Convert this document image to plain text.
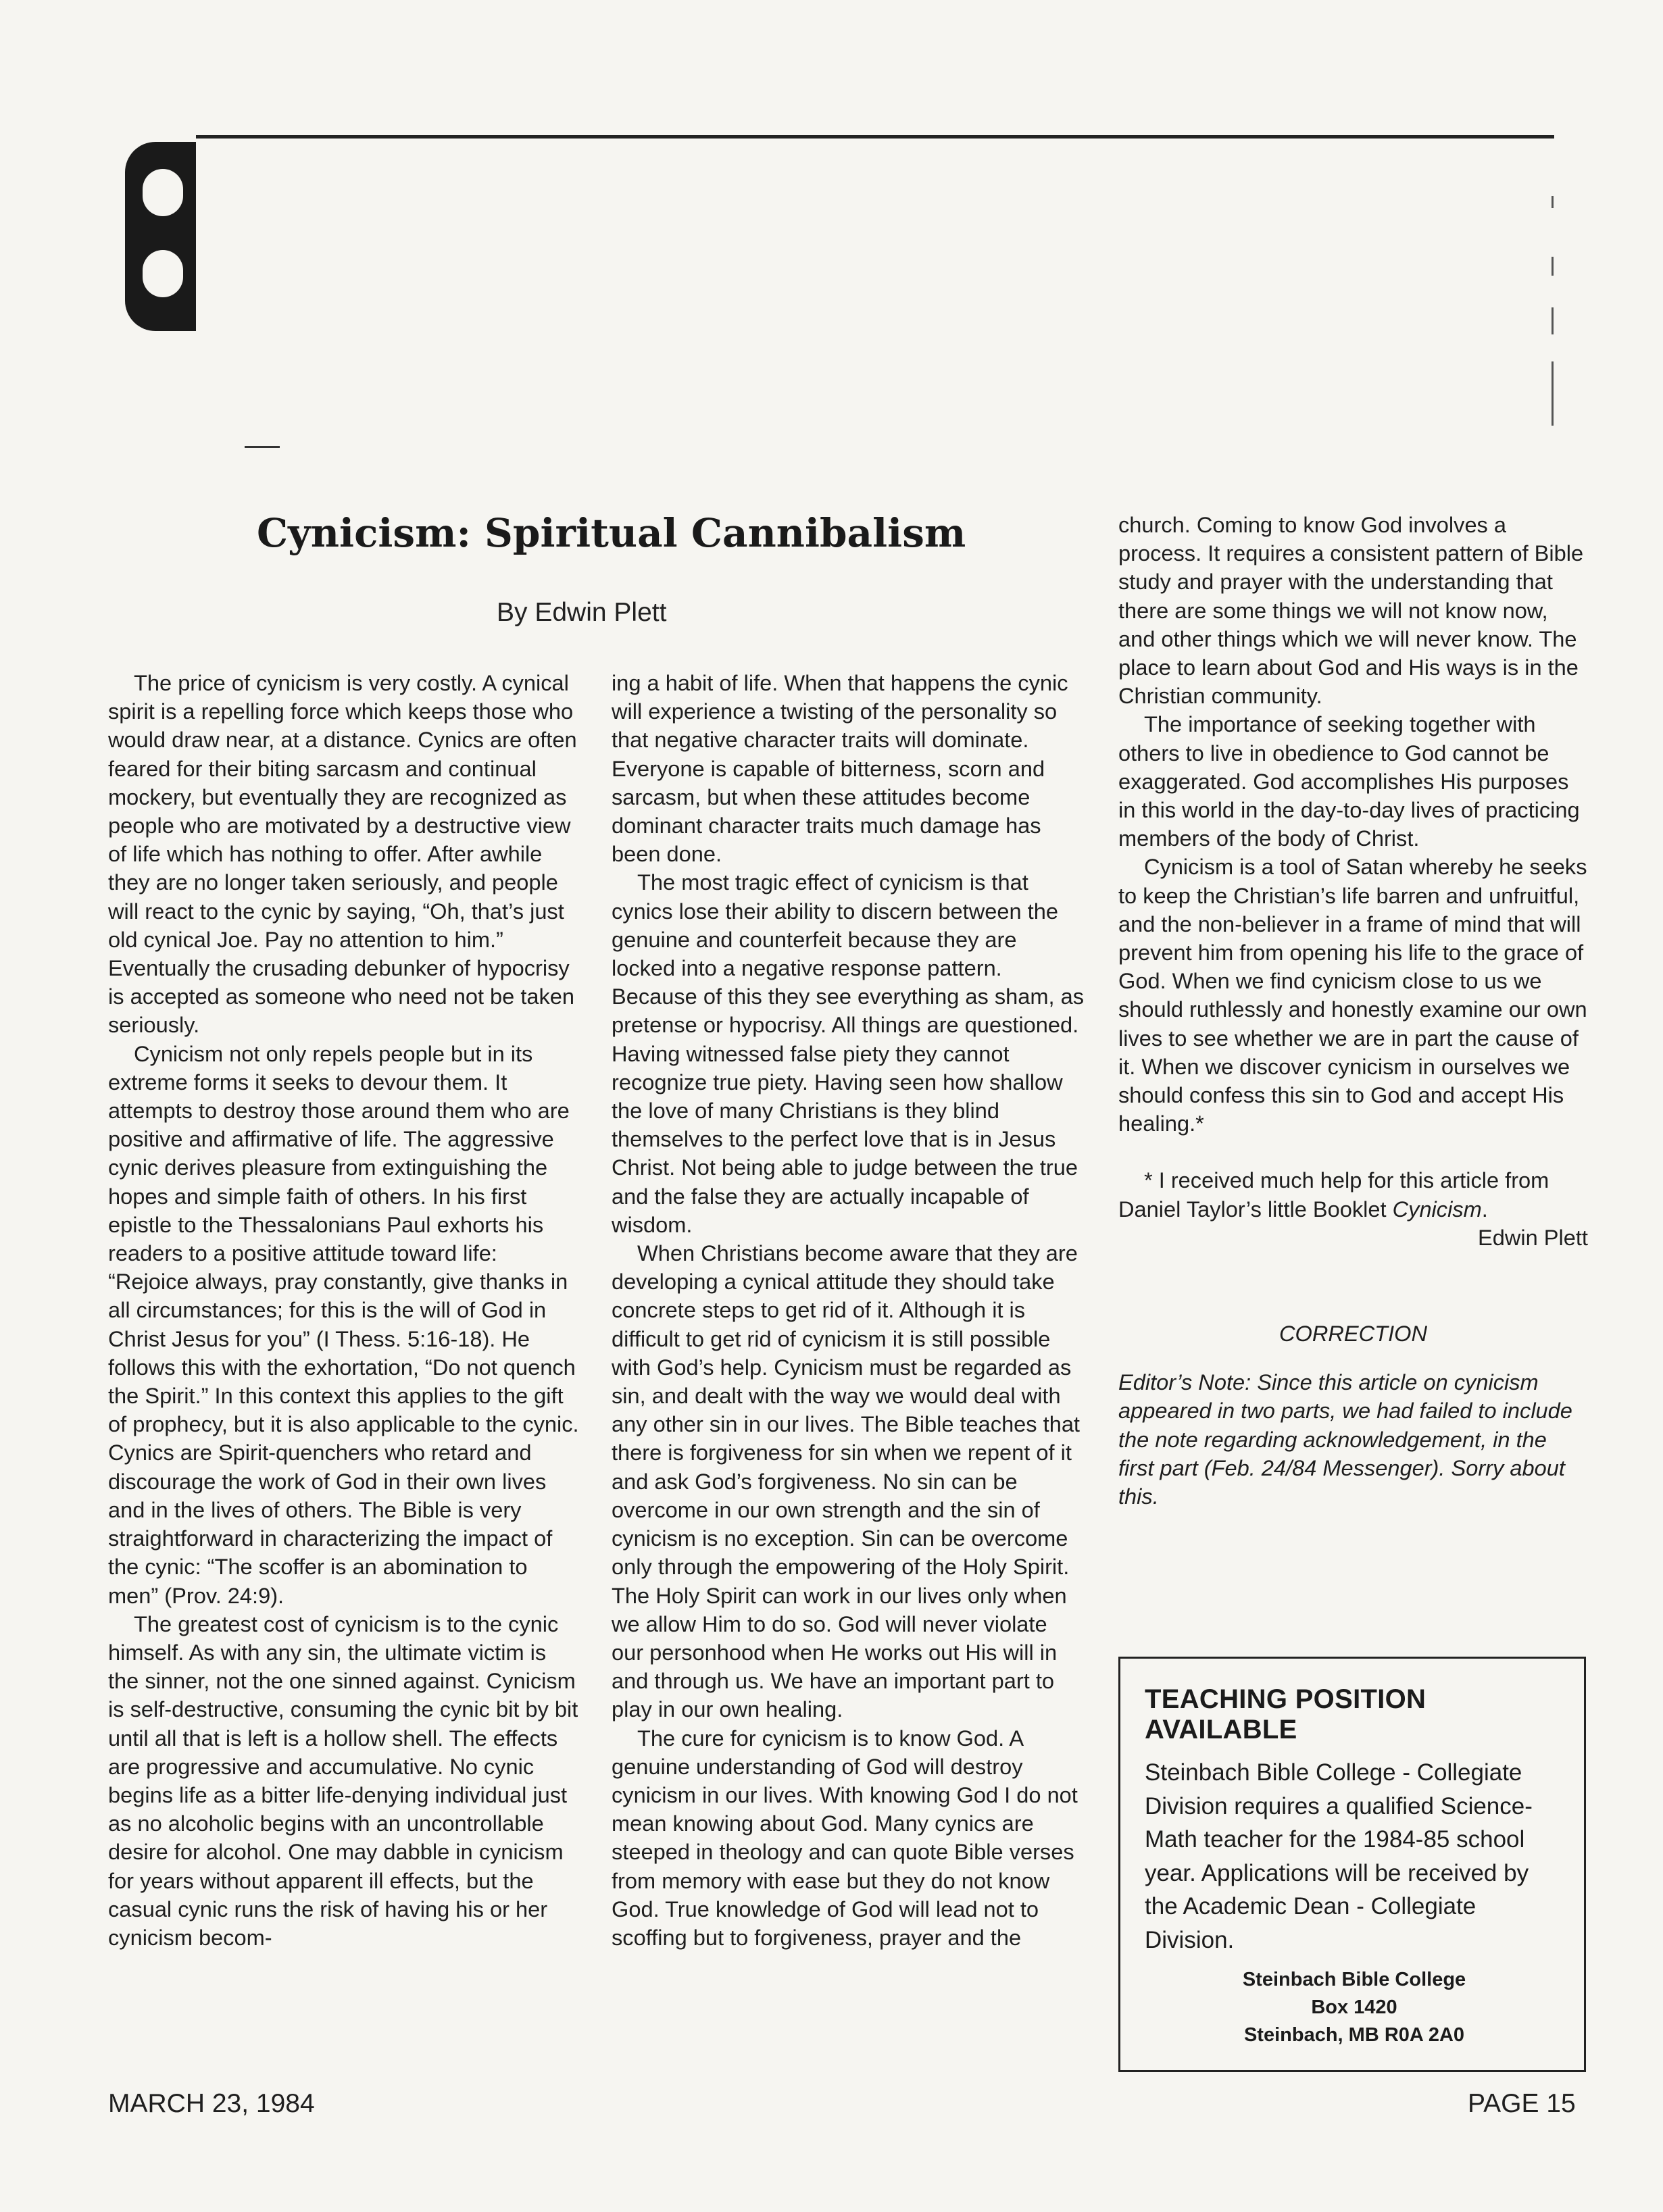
Cynicism: Spiritual Cannibalism

By Edwin Plett

The price of cynicism is very costly. A cynical spirit is a repelling force which keeps those who would draw near, at a distance. Cynics are often feared for their biting sarcasm and continual mockery, but eventually they are recognized as people who are motivated by a destructive view of life which has nothing to offer. After awhile they are no longer taken seriously, and people will react to the cynic by saying, “Oh, that’s just old cynical Joe. Pay no attention to him.” Eventually the crusading debunker of hypocrisy is accepted as someone who need not be taken seriously.

Cynicism not only repels people but in its extreme forms it seeks to devour them. It attempts to destroy those around them who are positive and affirmative of life. The aggressive cynic derives pleasure from extinguishing the hopes and simple faith of others. In his first epistle to the Thessalonians Paul exhorts his readers to a positive attitude toward life: “Rejoice always, pray constantly, give thanks in all circumstances; for this is the will of God in Christ Jesus for you” (I Thess. 5:16-18). He follows this with the exhortation, “Do not quench the Spirit.” In this context this applies to the gift of prophecy, but it is also applicable to the cynic. Cynics are Spirit-quenchers who retard and discourage the work of God in their own lives and in the lives of others. The Bible is very straightforward in characterizing the impact of the cynic: “The scoffer is an abomination to men” (Prov. 24:9).

The greatest cost of cynicism is to the cynic himself. As with any sin, the ultimate victim is the sinner, not the one sinned against. Cynicism is self-destructive, consuming the cynic bit by bit until all that is left is a hollow shell. The effects are progressive and accumulative. No cynic begins life as a bitter life-denying individual just as no alcoholic begins with an uncontrollable desire for alcohol. One may dabble in cynicism for years without apparent ill effects, but the casual cynic runs the risk of having his or her cynicism becom-

ing a habit of life. When that happens the cynic will experience a twisting of the personality so that negative character traits will dominate. Everyone is capable of bitterness, scorn and sarcasm, but when these attitudes become dominant character traits much damage has been done.

The most tragic effect of cynicism is that cynics lose their ability to discern between the genuine and counterfeit because they are locked into a negative response pattern. Because of this they see everything as sham, as pretense or hypocrisy. All things are questioned. Having witnessed false piety they cannot recognize true piety. Having seen how shallow the love of many Christians is they blind themselves to the perfect love that is in Jesus Christ. Not being able to judge between the true and the false they are actually incapable of wisdom.

When Christians become aware that they are developing a cynical attitude they should take concrete steps to get rid of it. Although it is difficult to get rid of cynicism it is still possible with God’s help. Cynicism must be regarded as sin, and dealt with the way we would deal with any other sin in our lives. The Bible teaches that there is forgiveness for sin when we repent of it and ask God’s forgiveness. No sin can be overcome in our own strength and the sin of cynicism is no exception. Sin can be overcome only through the empowering of the Holy Spirit. The Holy Spirit can work in our lives only when we allow Him to do so. God will never violate our personhood when He works out His will in and through us. We have an important part to play in our own healing.

The cure for cynicism is to know God. A genuine understanding of God will destroy cynicism in our lives. With knowing God I do not mean knowing about God. Many cynics are steeped in theology and can quote Bible verses from memory with ease but they do not know God. True knowledge of God will lead not to scoffing but to forgiveness, prayer and the

church. Coming to know God involves a process. It requires a consistent pattern of Bible study and prayer with the understanding that there are some things we will not know now, and other things which we will never know. The place to learn about God and His ways is in the Christian community.

The importance of seeking together with others to live in obedience to God cannot be exaggerated. God accomplishes His purposes in this world in the day-to-day lives of practicing members of the body of Christ.

Cynicism is a tool of Satan whereby he seeks to keep the Christian’s life barren and unfruitful, and the non-believer in a frame of mind that will prevent him from opening his life to the grace of God. When we find cynicism close to us we should ruthlessly and honestly examine our own lives to see whether we are in part the cause of it. When we discover cynicism in ourselves we should confess this sin to God and accept His healing.*

* I received much help for this article from Daniel Taylor’s little Booklet Cynicism.

Edwin Plett

CORRECTION

Editor’s Note: Since this article on cynicism appeared in two parts, we had failed to include the note regarding acknowledgement, in the first part (Feb. 24/84 Messenger). Sorry about this.

TEACHING POSITION AVAILABLE

Steinbach Bible College - Collegiate Division requires a qualified Science-Math teacher for the 1984-85 school year. Applications will be received by the Academic Dean - Collegiate Division.

Steinbach Bible College
Box 1420
Steinbach, MB R0A 2A0

MARCH 23, 1984	PAGE 15
